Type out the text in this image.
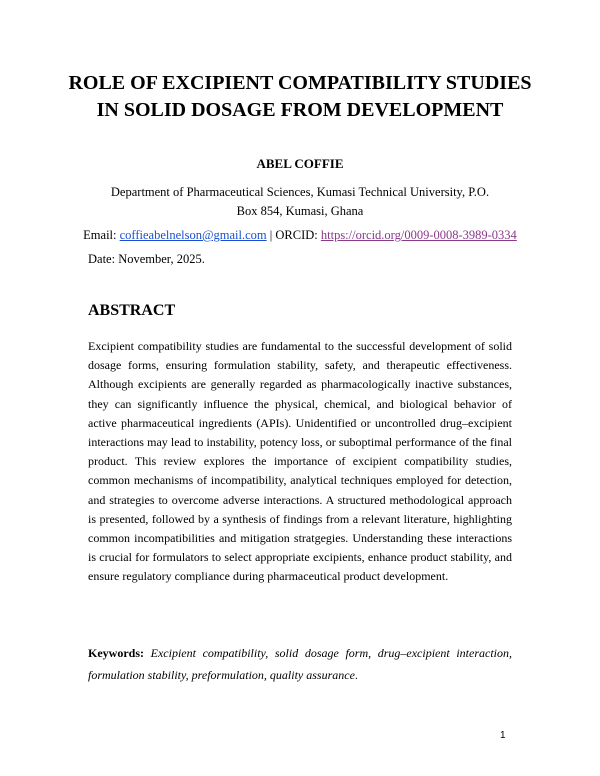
ROLE OF EXCIPIENT COMPATIBILITY STUDIES IN SOLID DOSAGE FROM DEVELOPMENT

ABEL COFFIE

Department of Pharmaceutical Sciences, Kumasi Technical University, P.O. Box 854, Kumasi, Ghana

Email: coffieabelnelson@gmail.com | ORCID: https://orcid.org/0009-0008-3989-0334

Date: November, 2025.

ABSTRACT

Excipient compatibility studies are fundamental to the successful development of solid dosage forms, ensuring formulation stability, safety, and therapeutic effectiveness. Although excipients are generally regarded as pharmacologically inactive substances, they can significantly influence the physical, chemical, and biological behavior of active pharmaceutical ingredients (APIs). Unidentified or uncontrolled drug–excipient interactions may lead to instability, potency loss, or suboptimal performance of the final product. This review explores the importance of excipient compatibility studies, common mechanisms of incompatibility, analytical techniques employed for detection, and strategies to overcome adverse interactions. A structured methodological approach is presented, followed by a synthesis of findings from a relevant literature, highlighting common incompatibilities and mitigation stratgegies. Understanding these interactions is crucial for formulators to select appropriate excipients, enhance product stability, and ensure regulatory compliance during pharmaceutical product development.

Keywords: Excipient compatibility, solid dosage form, drug–excipient interaction, formulation stability, preformulation, quality assurance.

1
